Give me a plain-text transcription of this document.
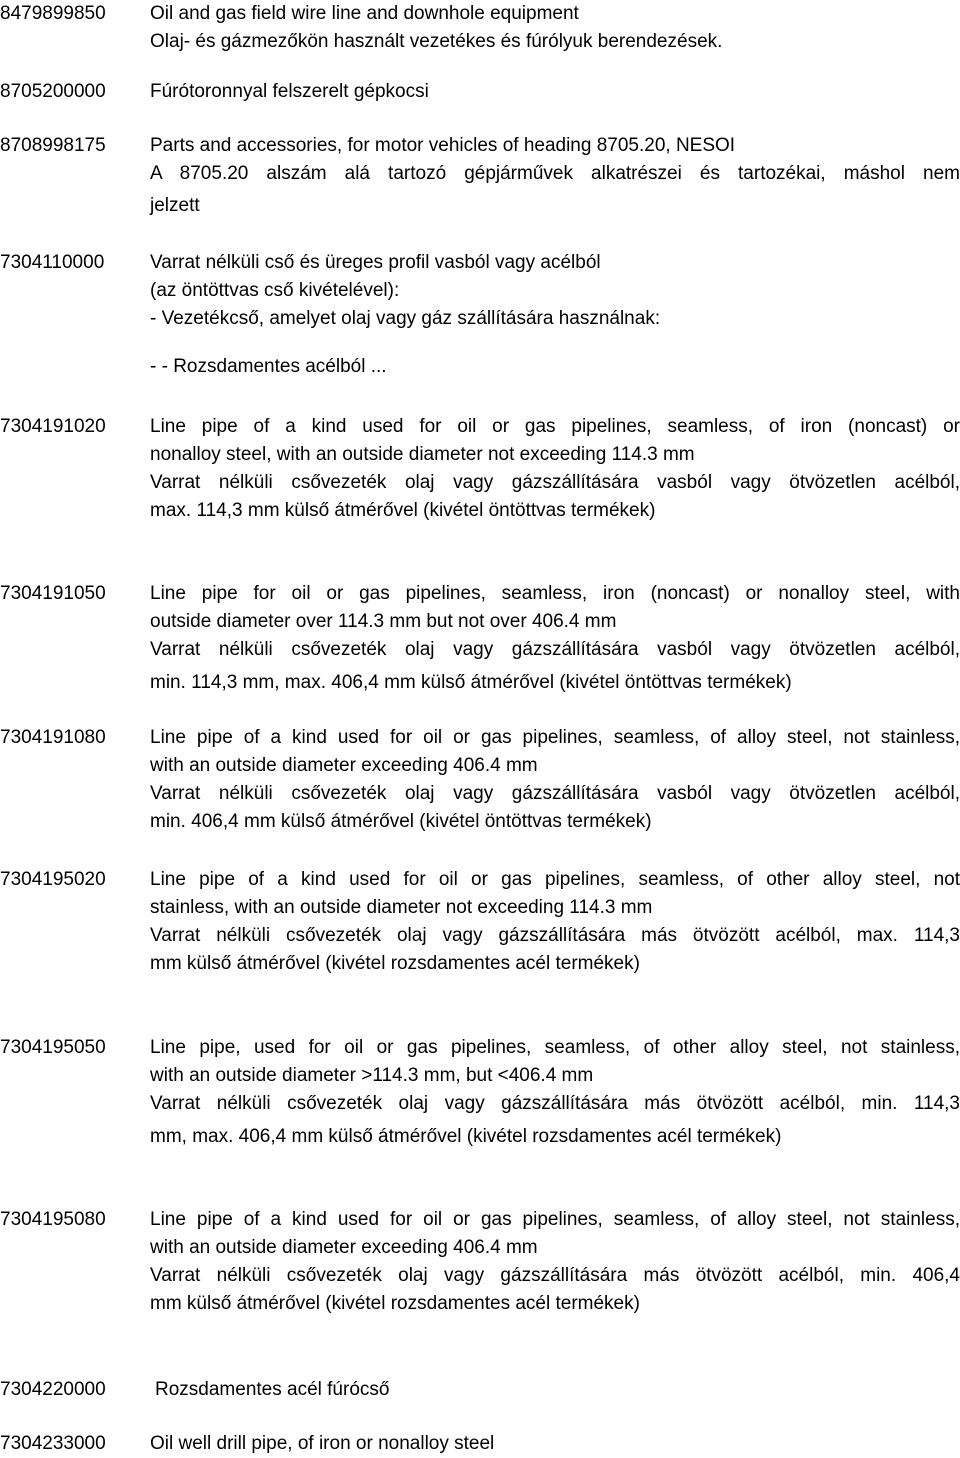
8479899850	Oil and gas field wire line and downhole equipment
Olaj- és gázmezőkön használt vezetékes és fúrólyuk berendezések.
8705200000	Fúrótoronnyal felszerelt gépkocsi
8708998175	Parts and accessories, for motor vehicles of heading 8705.20, NESOI
A 8705.20 alszám alá tartozó gépjárművek alkatrészei és tartozékai, máshol nem
jelzett
7304110000	Varrat nélküli cső és üreges profil vasból vagy acélból
(az öntöttvas cső kivételével):
- Vezetékcső, amelyet olaj vagy gáz szállítására használnak:
- - Rozsdamentes acélból ...
7304191020	Line pipe of a kind used for oil or gas pipelines, seamless, of iron (noncast) or
nonalloy steel, with an outside diameter not exceeding 114.3 mm
Varrat nélküli csővezeték olaj vagy gázszállítására vasból vagy ötvözetlen acélból,
max. 114,3 mm külső átmérővel (kivétel öntöttvas termékek)
7304191050	Line pipe for oil or gas pipelines, seamless, iron (noncast) or nonalloy steel, with
outside diameter over 114.3 mm but not over 406.4 mm
Varrat nélküli csővezeték olaj vagy gázszállítására vasból vagy ötvözetlen acélból,
min. 114,3 mm, max. 406,4 mm külső átmérővel (kivétel öntöttvas termékek)
7304191080	Line pipe of a kind used for oil or gas pipelines, seamless, of alloy steel, not stainless,
with an outside diameter exceeding 406.4 mm
Varrat nélküli csővezeték olaj vagy gázszállítására vasból vagy ötvözetlen acélból,
min. 406,4 mm külső átmérővel (kivétel öntöttvas termékek)
7304195020	Line pipe of a kind used for oil or gas pipelines, seamless, of other alloy steel, not
stainless, with an outside diameter not exceeding 114.3 mm
Varrat nélküli csővezeték olaj vagy gázszállítására más ötvözött acélból, max. 114,3
mm külső átmérővel (kivétel rozsdamentes acél termékek)
7304195050	Line pipe, used for oil or gas pipelines, seamless, of other alloy steel, not stainless,
with an outside diameter >114.3 mm, but <406.4 mm
Varrat nélküli csővezeték olaj vagy gázszállítására más ötvözött acélból, min. 114,3
mm, max. 406,4 mm külső átmérővel (kivétel rozsdamentes acél termékek)
7304195080	Line pipe of a kind used for oil or gas pipelines, seamless, of alloy steel, not stainless,
with an outside diameter exceeding 406.4 mm
Varrat nélküli csővezeték olaj vagy gázszállítására más ötvözött acélból, min. 406,4
mm külső átmérővel (kivétel rozsdamentes acél termékek)
7304220000	Rozsdamentes acél fúrócső
7304233000	Oil well drill pipe, of iron or nonalloy steel
